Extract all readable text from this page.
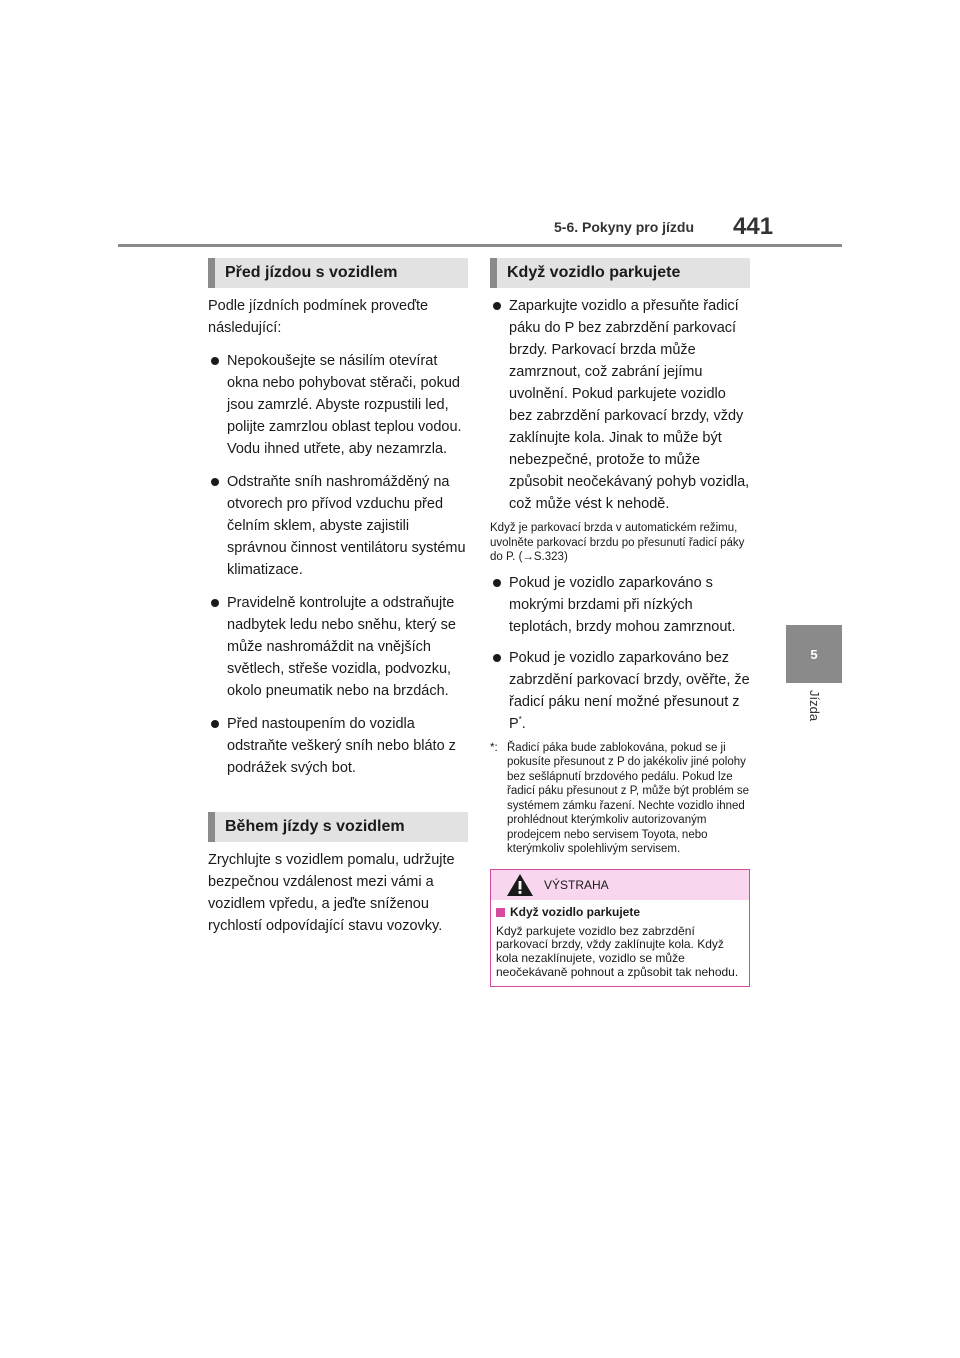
5-6. Pokyny pro jízdu 441
5
Jízda
Před jízdou s vozidlem

Podle jízdních podmínek proveďte následující:

Nepokoušejte se násilím otevírat okna nebo pohybovat stěrači, pokud jsou zamrzlé. Abyste rozpustili led, polijte zamrzlou oblast teplou vodou. Vodu ihned utřete, aby nezamrzla.

Odstraňte sníh nashromážděný na otvorech pro přívod vzduchu před čelním sklem, abyste zajistili správnou činnost ventilátoru systému klimatizace.

Pravidelně kontrolujte a odstraňujte nadbytek ledu nebo sněhu, který se může nashromáždit na vnějších světlech, střeše vozidla, podvozku, okolo pneumatik nebo na brzdách.

Před nastoupením do vozidla odstraňte veškerý sníh nebo bláto z podrážek svých bot.

Během jízdy s vozidlem

Zrychlujte s vozidlem pomalu, udržujte bezpečnou vzdálenost mezi vámi a vozidlem vpředu, a jeďte sníženou rychlostí odpovídající stavu vozovky.

Když vozidlo parkujete

Zaparkujte vozidlo a přesuňte řadicí páku do P bez zabrzdění parkovací brzdy. Parkovací brzda může zamrznout, což zabrání jejímu uvolnění. Pokud parkujete vozidlo bez zabrzdění parkovací brzdy, vždy zaklínujte kola. Jinak to může být nebezpečné, protože to může způsobit neočekávaný pohyb vozidla, což může vést k nehodě.

Když je parkovací brzda v automatickém režimu, uvolněte parkovací brzdu po přesunutí řadicí páky do P. (→S.323)

Pokud je vozidlo zaparkováno s mokrými brzdami při nízkých teplotách, brzdy mohou zamrznout.

Pokud je vozidlo zaparkováno bez zabrzdění parkovací brzdy, ověřte, že řadicí páku není možné přesunout z P*.

*: Řadicí páka bude zablokována, pokud se ji pokusíte přesunout z P do jakékoliv jiné polohy bez sešlápnutí brzdového pedálu. Pokud lze řadicí páku přesunout z P, může být problém se systémem zámku řazení. Nechte vozidlo ihned prohlédnout kterýmkoliv autorizovaným prodejcem nebo servisem Toyota, nebo kterýmkoliv spolehlivým servisem.
VÝSTRAHA
Když vozidlo parkujete

Když parkujete vozidlo bez zabrzdění parkovací brzdy, vždy zaklínujte kola. Když kola nezaklínujete, vozidlo se může neočekávaně pohnout a způsobit tak nehodu.
